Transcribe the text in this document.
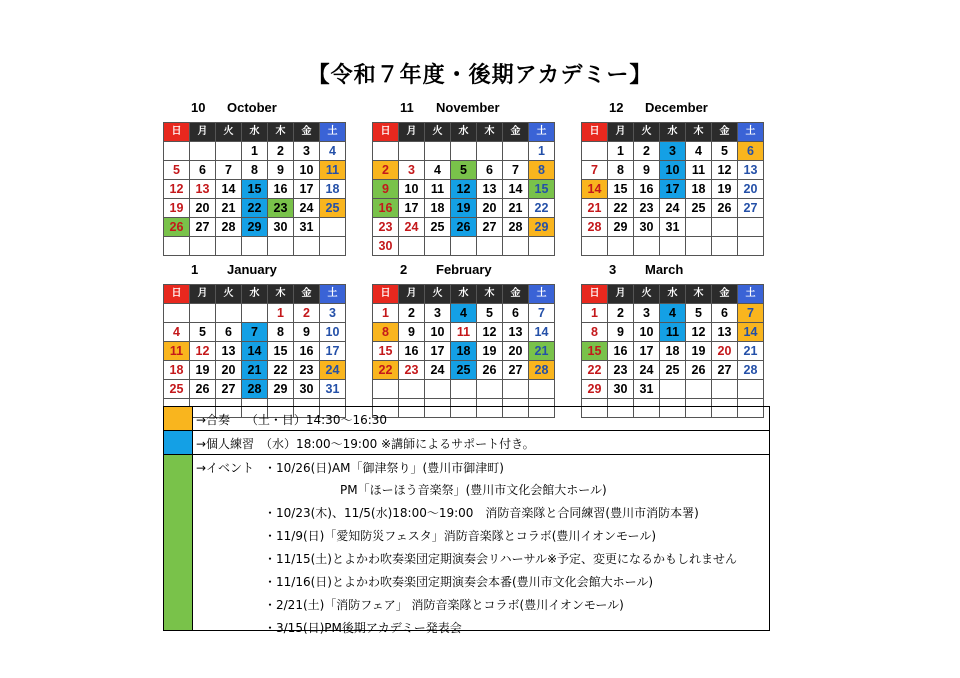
【令和７年度・後期アカデミー】
10 October
日	月	火	水	木	金	土
			1	2	3	4
5	6	7	8	9	10	11
12	13	14	15	16	17	18
19	20	21	22	23	24	25
26	27	28	29	30	31	

11 November
日	月	火	水	木	金	土
						1
2	3	4	5	6	7	8
9	10	11	12	13	14	15
16	17	18	19	20	21	22
23	24	25	26	27	28	29
30						
12 December
日	月	火	水	木	金	土
	1	2	3	4	5	6
7	8	9	10	11	12	13
14	15	16	17	18	19	20
21	22	23	24	25	26	27
28	29	30	31			

1 January
日	月	火	水	木	金	土
				1	2	3
4	5	6	7	8	9	10
11	12	13	14	15	16	17
18	19	20	21	22	23	24
25	26	27	28	29	30	31

2 February
日	月	火	水	木	金	土
1	2	3	4	5	6	7
8	9	10	11	12	13	14
15	16	17	18	19	20	21
22	23	24	25	26	27	28

3 March
日	月	火	水	木	金	土
1	2	3	4	5	6	7
8	9	10	11	12	13	14
15	16	17	18	19	20	21
22	23	24	25	26	27	28
29	30	31				

→合奏　 （土・日）14:30～16:30
→個人練習　（水）18:00～19:00 ※講師によるサポート付き。
→イベント ・10/26(日)AM「御津祭り」(豊川市御津町)
PM「ほーほう音楽祭」(豊川市文化会館大ホール)
・10/23(木)、11/5(水)18:00～19:00　消防音楽隊と合同練習(豊川市消防本署)
・11/9(日)「愛知防災フェスタ」消防音楽隊とコラボ(豊川イオンモール)
・11/15(土)とよかわ吹奏楽団定期演奏会リハーサル※予定、変更になるかもしれません
・11/16(日)とよかわ吹奏楽団定期演奏会本番(豊川市文化会館大ホール)
・2/21(土)「消防フェア」 消防音楽隊とコラボ(豊川イオンモール)
・3/15(日)PM後期アカデミー発表会
